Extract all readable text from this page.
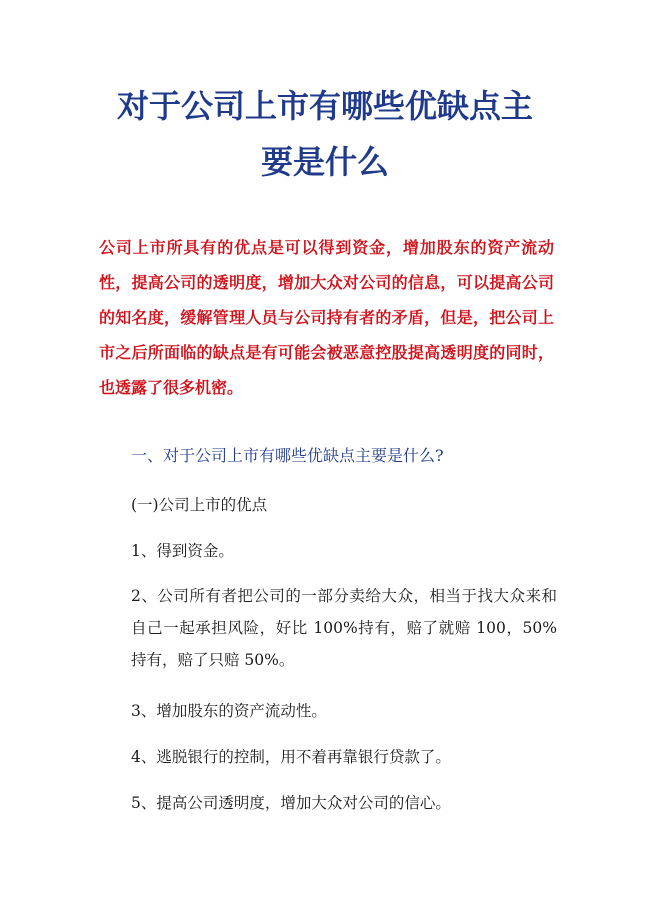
对于公司上市有哪些优缺点主
要是什么

公司上市所具有的优点是可以得到资金，增加股东的资产流动性，提高公司的透明度，增加大众对公司的信息，可以提高公司的知名度，缓解管理人员与公司持有者的矛盾，但是，把公司上市之后所面临的缺点是有可能会被恶意控股提高透明度的同时，也透露了很多机密。

一、对于公司上市有哪些优缺点主要是什么?

(一)公司上市的优点

1、得到资金。

2、公司所有者把公司的一部分卖给大众，相当于找大众来和自己一起承担风险，好比 100%持有，赔了就赔 100，50%持有，赔了只赔 50%。

3、增加股东的资产流动性。

4、逃脱银行的控制，用不着再靠银行贷款了。

5、提高公司透明度，增加大众对公司的信心。
